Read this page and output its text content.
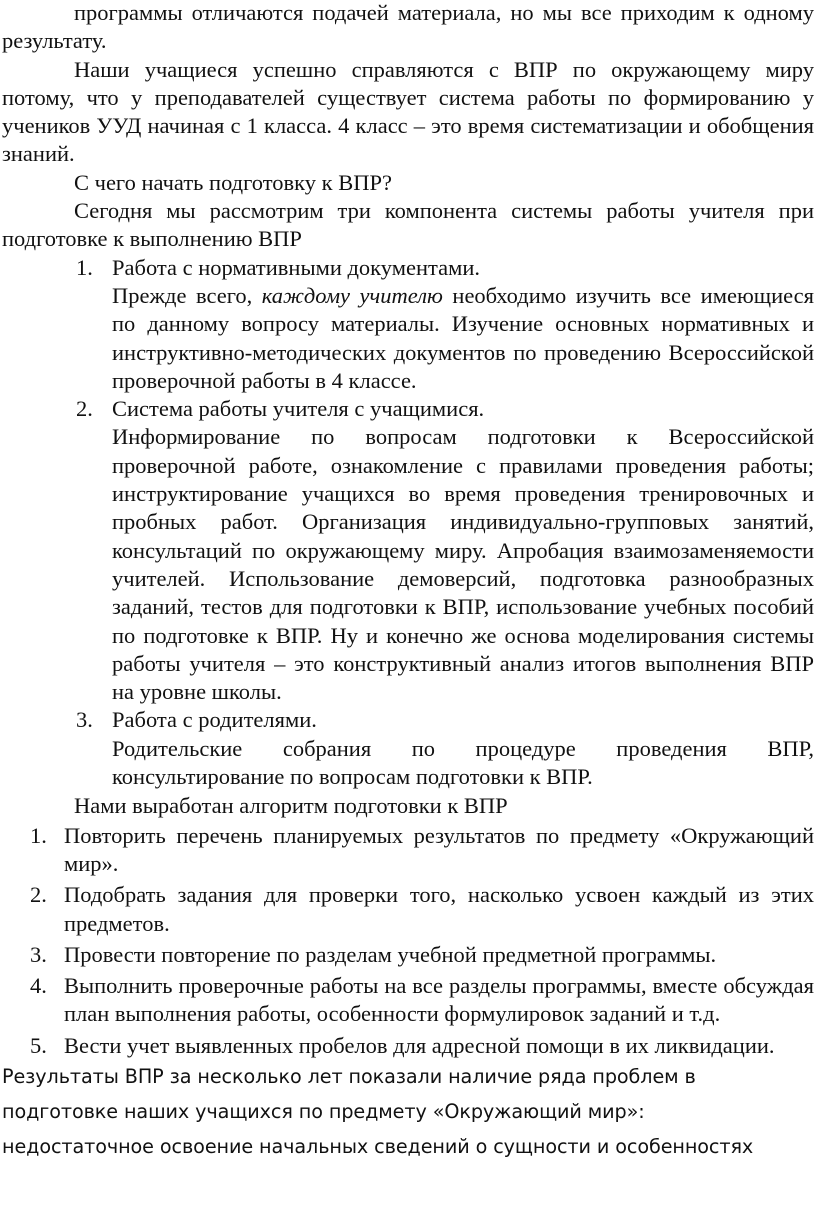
программы отличаются подачей материала, но мы все приходим к одному результату.

Наши учащиеся успешно справляются с ВПР по окружающему миру потому, что у преподавателей существует система работы по формированию у учеников УУД начиная с 1 класса. 4 класс – это время систематизации и обобщения знаний.

С чего начать подготовку к ВПР?

Сегодня мы рассмотрим три компонента системы работы учителя при подготовке к выполнению ВПР

1. Работа с нормативными документами.

Прежде всего, каждому учителю необходимо изучить все имеющиеся по данному вопросу материалы. Изучение основных нормативных и инструктивно-методических документов по проведению Всероссийской проверочной работы в 4 классе.

2. Система работы учителя с учащимися.

Информирование по вопросам подготовки к Всероссийской проверочной работе, ознакомление с правилами проведения работы; инструктирование учащихся во время проведения тренировочных и пробных работ. Организация индивидуально-групповых занятий, консультаций по окружающему миру. Апробация взаимозаменяемости учителей. Использование демоверсий, подготовка разнообразных заданий, тестов для подготовки к ВПР, использование учебных пособий по подготовке к ВПР. Ну и конечно же основа моделирования системы работы учителя – это конструктивный анализ итогов выполнения ВПР на уровне школы.

3. Работа с родителями.

Родительские собрания по процедуре проведения ВПР, консультирование по вопросам подготовки к ВПР.

Нами выработан алгоритм подготовки к ВПР

1. Повторить перечень планируемых результатов по предмету «Окружающий мир».
2. Подобрать задания для проверки того, насколько усвоен каждый из этих предметов.
3. Провести повторение по разделам учебной предметной программы.
4. Выполнить проверочные работы на все разделы программы, вместе обсуждая план выполнения работы, особенности формулировок заданий и т.д.
5. Вести учет выявленных пробелов для адресной помощи в их ликвидации.

Результаты ВПР за несколько лет показали наличие ряда проблем в

подготовке наших учащихся по предмету «Окружающий мир»:

недостаточное освоение начальных сведений о сущности и особенностях
